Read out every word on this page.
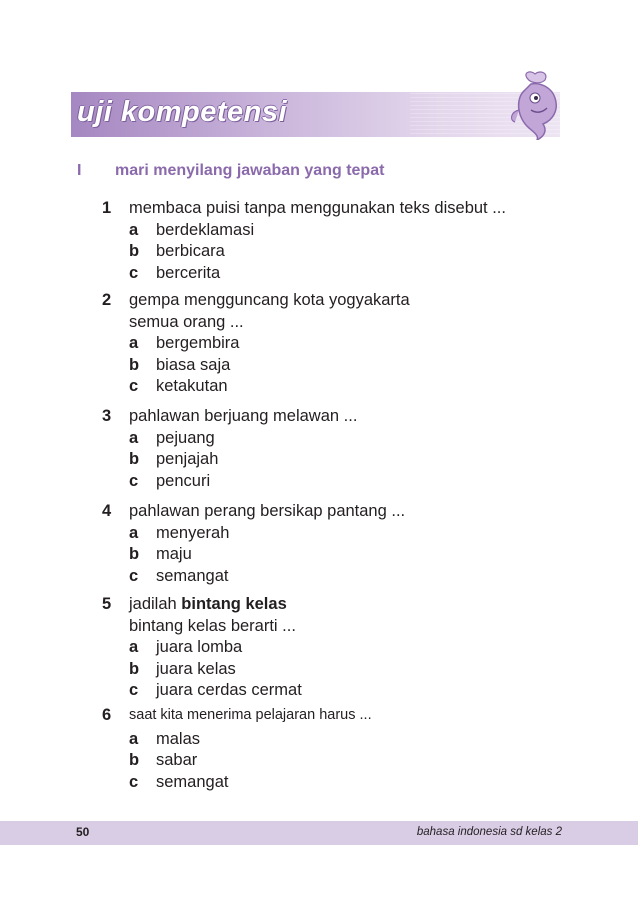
uji kompetensi
I mari menyilang jawaban yang tepat
1	membaca puisi tanpa menggunakan teks disebut ...
a	berdeklamasi
b	berbicara
c	bercerita
2	gempa mengguncang kota yogyakarta
semua orang ...
a	bergembira
b	biasa saja
c	ketakutan
3	pahlawan berjuang melawan ...
a	pejuang
b	penjajah
c	pencuri
4	pahlawan perang bersikap pantang ...
a	menyerah
b	maju
c	semangat
5	jadilah bintang kelas
bintang kelas berarti ...
a	juara lomba
b	juara kelas
c	juara cerdas cermat
6	saat kita menerima pelajaran harus ...
a	malas
b	sabar
c	semangat
50	bahasa indonesia sd kelas 2
